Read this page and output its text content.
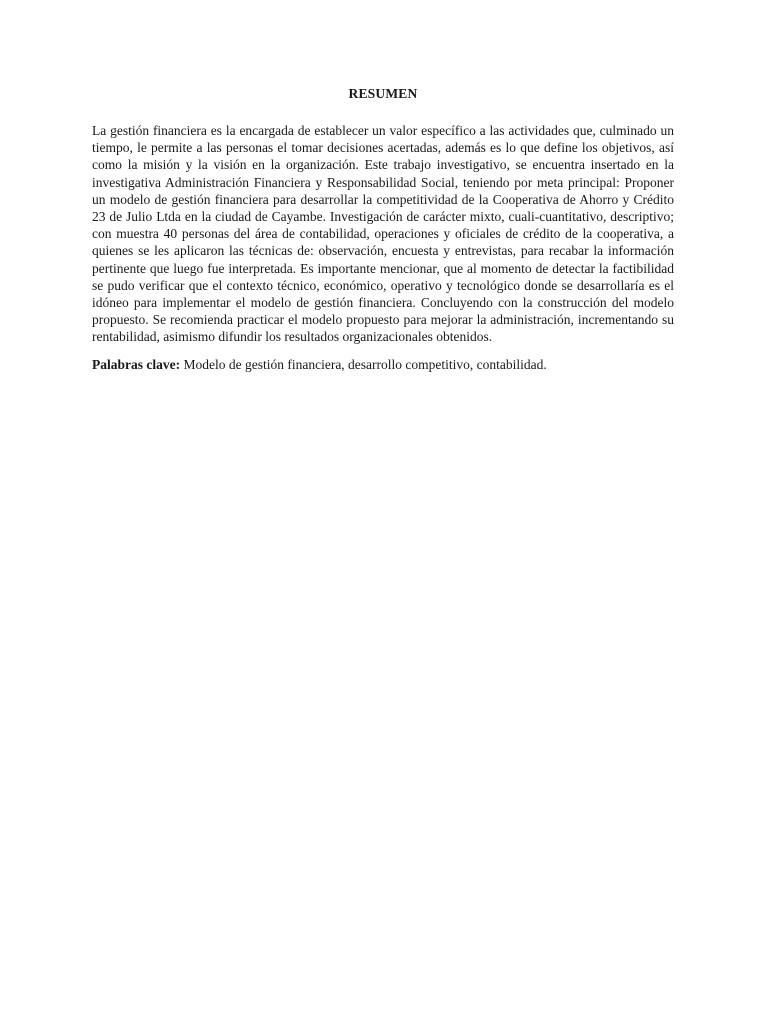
RESUMEN

La gestión financiera es la encargada de establecer un valor específico a las actividades que, culminado un tiempo, le permite a las personas el tomar decisiones acertadas, además es lo que define los objetivos, así como la misión y la visión en la organización. Este trabajo investigativo, se encuentra insertado en la investigativa Administración Financiera y Responsabilidad Social, teniendo por meta principal: Proponer un modelo de gestión financiera para desarrollar la competitividad de la Cooperativa de Ahorro y Crédito 23 de Julio Ltda en la ciudad de Cayambe. Investigación de carácter mixto, cuali-cuantitativo, descriptivo; con muestra 40 personas del área de contabilidad, operaciones y oficiales de crédito de la cooperativa, a quienes se les aplicaron las técnicas de: observación, encuesta y entrevistas, para recabar la información pertinente que luego fue interpretada. Es importante mencionar, que al momento de detectar la factibilidad se pudo verificar que el contexto técnico, económico, operativo y tecnológico donde se desarrollaría es el idóneo para implementar el modelo de gestión financiera. Concluyendo con la construcción del modelo propuesto. Se recomienda practicar el modelo propuesto para mejorar la administración, incrementando su rentabilidad, asimismo difundir los resultados organizacionales obtenidos.

Palabras clave: Modelo de gestión financiera, desarrollo competitivo, contabilidad.
